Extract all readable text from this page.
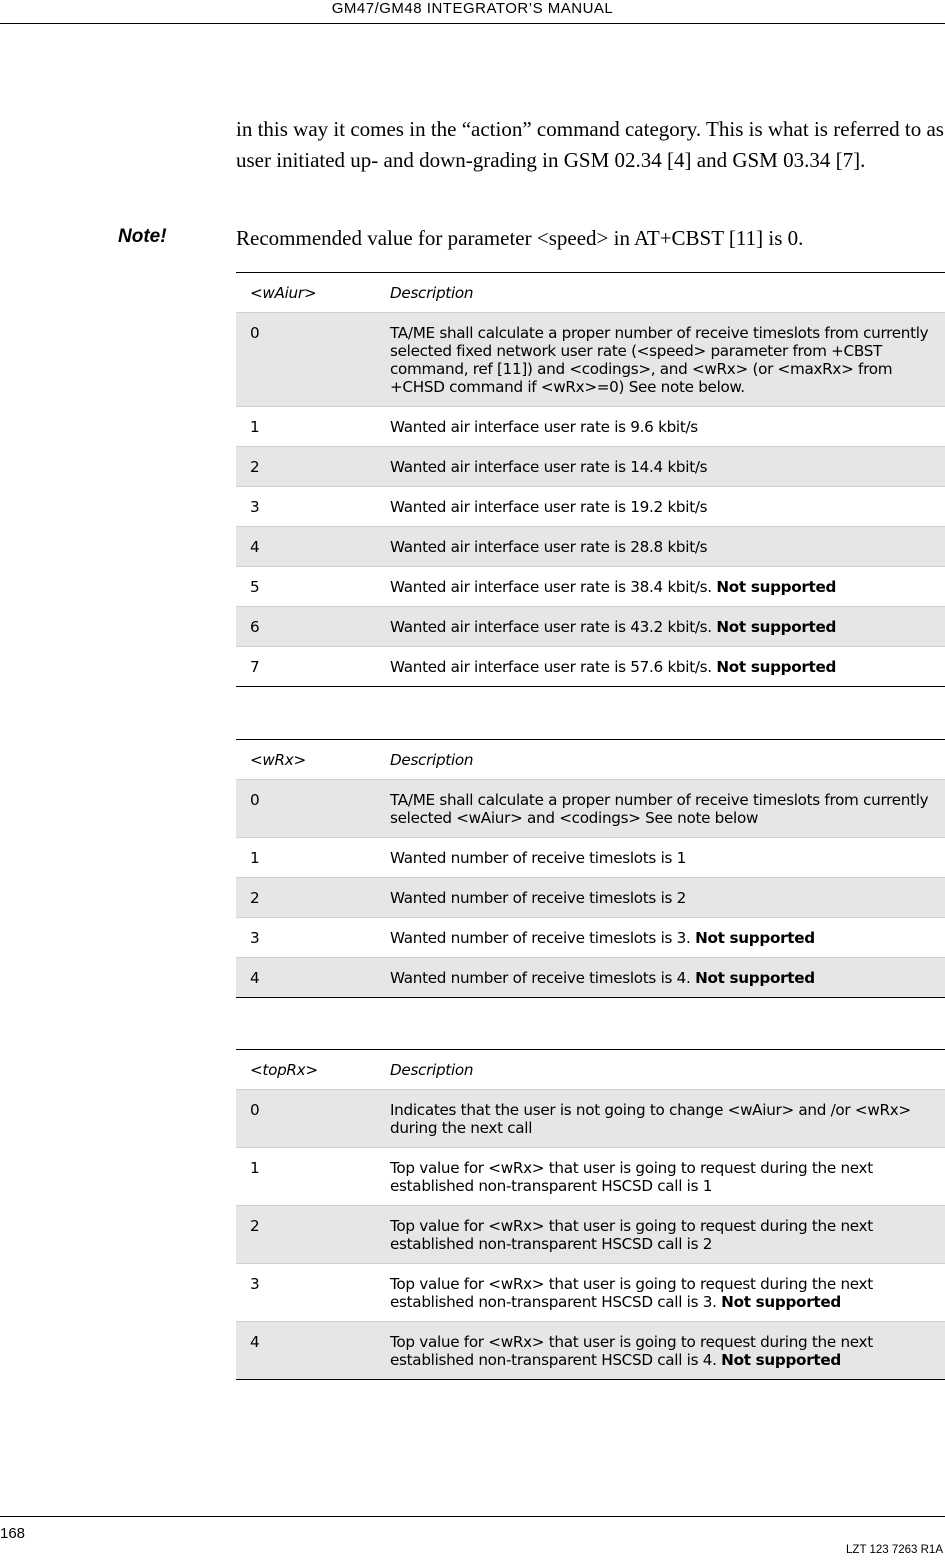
GM47/GM48 INTEGRATOR’S MANUAL
in this way it comes in the “action” command category. This is what is referred to as user initiated up- and down-grading in GSM 02.34 [4] and GSM 03.34 [7].
Note!	Recommended value for parameter <speed> in AT+CBST [11] is 0.
<wAiur>	Description
0	TA/ME shall calculate a proper number of receive timeslots from currently selected fixed network user rate (<speed> parameter from +CBST command, ref [11]) and <codings>, and <wRx> (or <maxRx> from +CHSD command if <wRx>=0) See note below.
1	Wanted air interface user rate is 9.6 kbit/s
2	Wanted air interface user rate is 14.4 kbit/s
3	Wanted air interface user rate is 19.2 kbit/s
4	Wanted air interface user rate is 28.8 kbit/s
5	Wanted air interface user rate is 38.4 kbit/s. Not supported
6	Wanted air interface user rate is 43.2 kbit/s. Not supported
7	Wanted air interface user rate is 57.6 kbit/s. Not supported
<wRx>	Description
0	TA/ME shall calculate a proper number of receive timeslots from currently selected <wAiur> and <codings> See note below
1	Wanted number of receive timeslots is 1
2	Wanted number of receive timeslots is 2
3	Wanted number of receive timeslots is 3. Not supported
4	Wanted number of receive timeslots is 4. Not supported
<topRx>	Description
0	Indicates that the user is not going to change <wAiur> and /or <wRx> during the next call
1	Top value for <wRx> that user is going to request during the next established non-transparent HSCSD call is 1
2	Top value for <wRx> that user is going to request during the next established non-transparent HSCSD call is 2
3	Top value for <wRx> that user is going to request during the next established non-transparent HSCSD call is 3. Not supported
4	Top value for <wRx> that user is going to request during the next established non-transparent HSCSD call is 4. Not supported
168
LZT 123 7263 R1A
